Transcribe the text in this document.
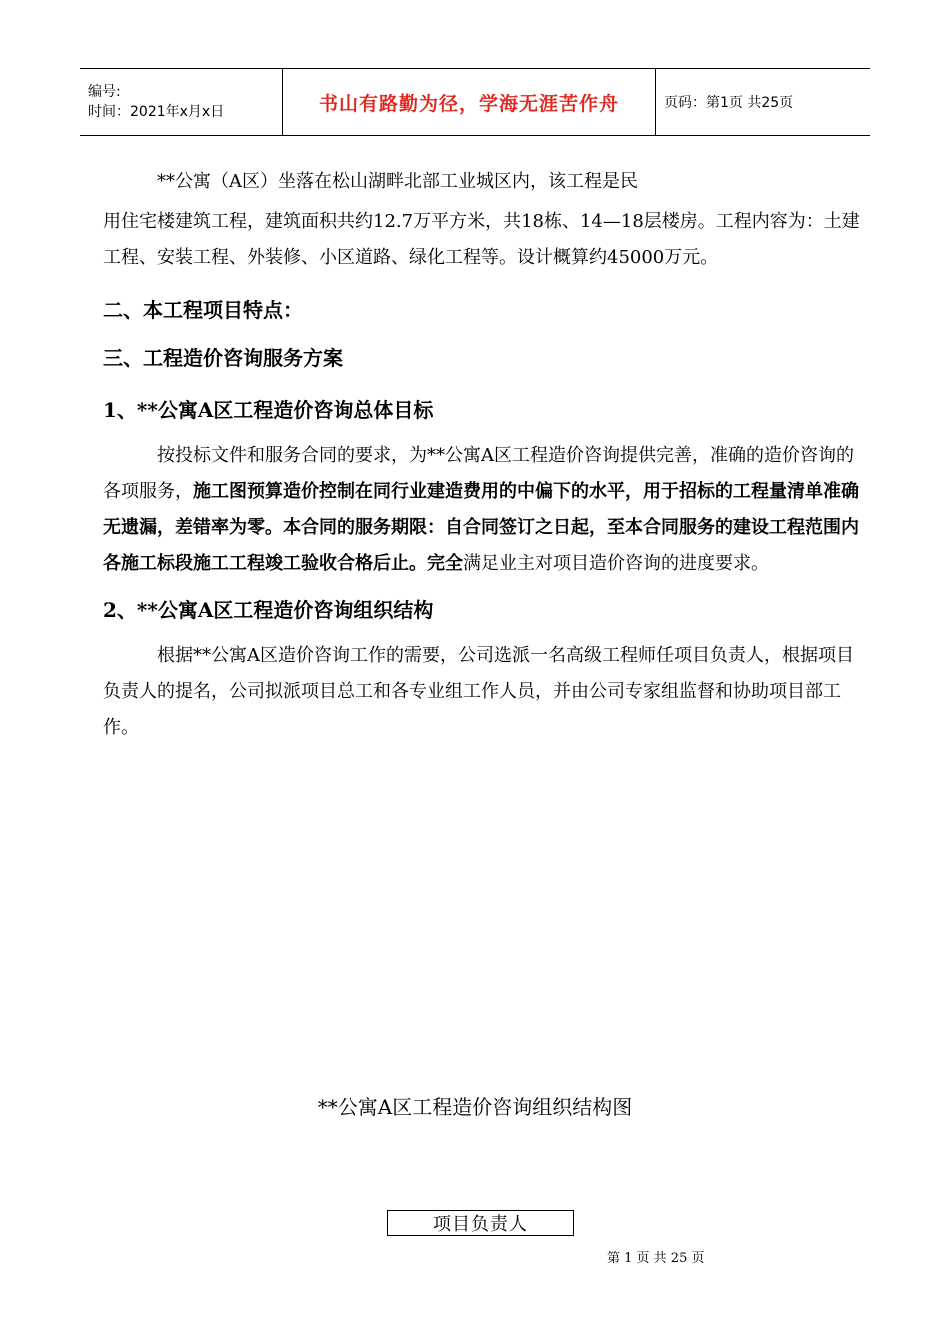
编号:
时间：2021年x月x日	书山有路勤为径，学海无涯苦作舟	页码：第1页 共25页

**公寓（A区）坐落在松山湖畔北部工业城区内，该工程是民

用住宅楼建筑工程，建筑面积共约12.7万平方米，共18栋、14—18层楼房。工程内容为：土建工程、安装工程、外装修、小区道路、绿化工程等。设计概算约45000万元。

二、本工程项目特点：
三、工程造价咨询服务方案
1、**公寓A区工程造价咨询总体目标

按投标文件和服务合同的要求，为**公寓A区工程造价咨询提供完善，准确的造价咨询的各项服务，施工图预算造价控制在同行业建造费用的中偏下的水平，用于招标的工程量清单准确无遗漏，差错率为零。本合同的服务期限：自合同签订之日起，至本合同服务的建设工程范围内各施工标段施工工程竣工验收合格后止。完全满足业主对项目造价咨询的进度要求。

2、**公寓A区工程造价咨询组织结构

根据**公寓A区造价咨询工作的需要，公司选派一名高级工程师任项目负责人，根据项目负责人的提名，公司拟派项目总工和各专业组工作人员，并由公司专家组监督和协助项目部工作。

**公寓A区工程造价咨询组织结构图
项目负责人
第 1 页 共 25 页
